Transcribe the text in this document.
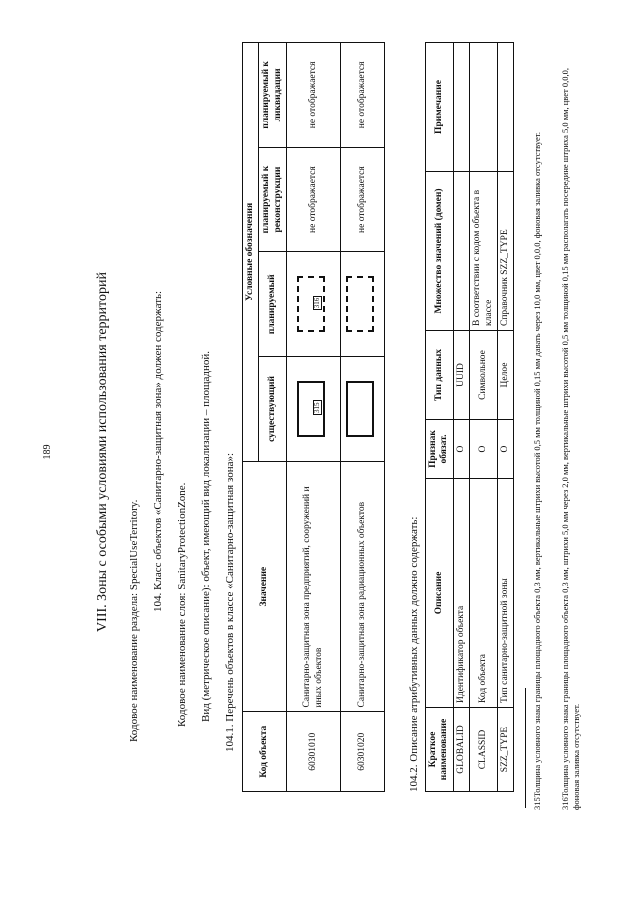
189	VIII. Зоны с особыми условиями использования территорий Кодовое наименование раздела: SpecialUseTerritory.
104. Класс объектов «Санитарно-защитная зона» должен содержать: Кодовое наименование слоя: SanitaryProtectionZone. Вид (метрическое описание): объект, имеющий вид локализации – площадной. 104.1. Перечень объектов в классе «Санитарно-защитная зона»: Код объекта	Значение	Условные обозначения			
		существующий	планируемый	планируемый к реконструкции	планируемый к ликвидации
60301010	Санитарно-защитная зона предприятий, сооружений и иных объектов	315	316	не отображается	не отображается
60301020	Санитарно-защитная зона радиационных объектов			не отображается	не отображается
104.2. Описание атрибутивных данных должно содержать: Краткое наименование	Описание	Признак обязат.	Тип данных	Множество значений (домен)	Примечание
GLOBALID	Идентификатор объекта	О	UUID		
CLASSID	Код объекта	О	Символьное	В соответствии с кодом объекта в классе	
SZZ_TYPE	Тип санитарно-защитной зоны	О	Целое	Справочник SZZ_TYPE		315Толщина условного знака границы площадного объекта 0,3 мм, вертикальные штрихи высотой 0,5 мм толщиной 0,15 мм давать через 10,0 мм, цвет 0,0,0, фоновая заливка отсутствует. 316Толщина условного знака границы площадного объекта 0,3 мм, штрихи 5,0 мм через 2,0 мм, вертикальные штрихи высотой 0,5 мм толщиной 0,15 мм располагать посередине штриха 5,0 мм, цвет 0,0,0, фоновая заливка отсутствует.
